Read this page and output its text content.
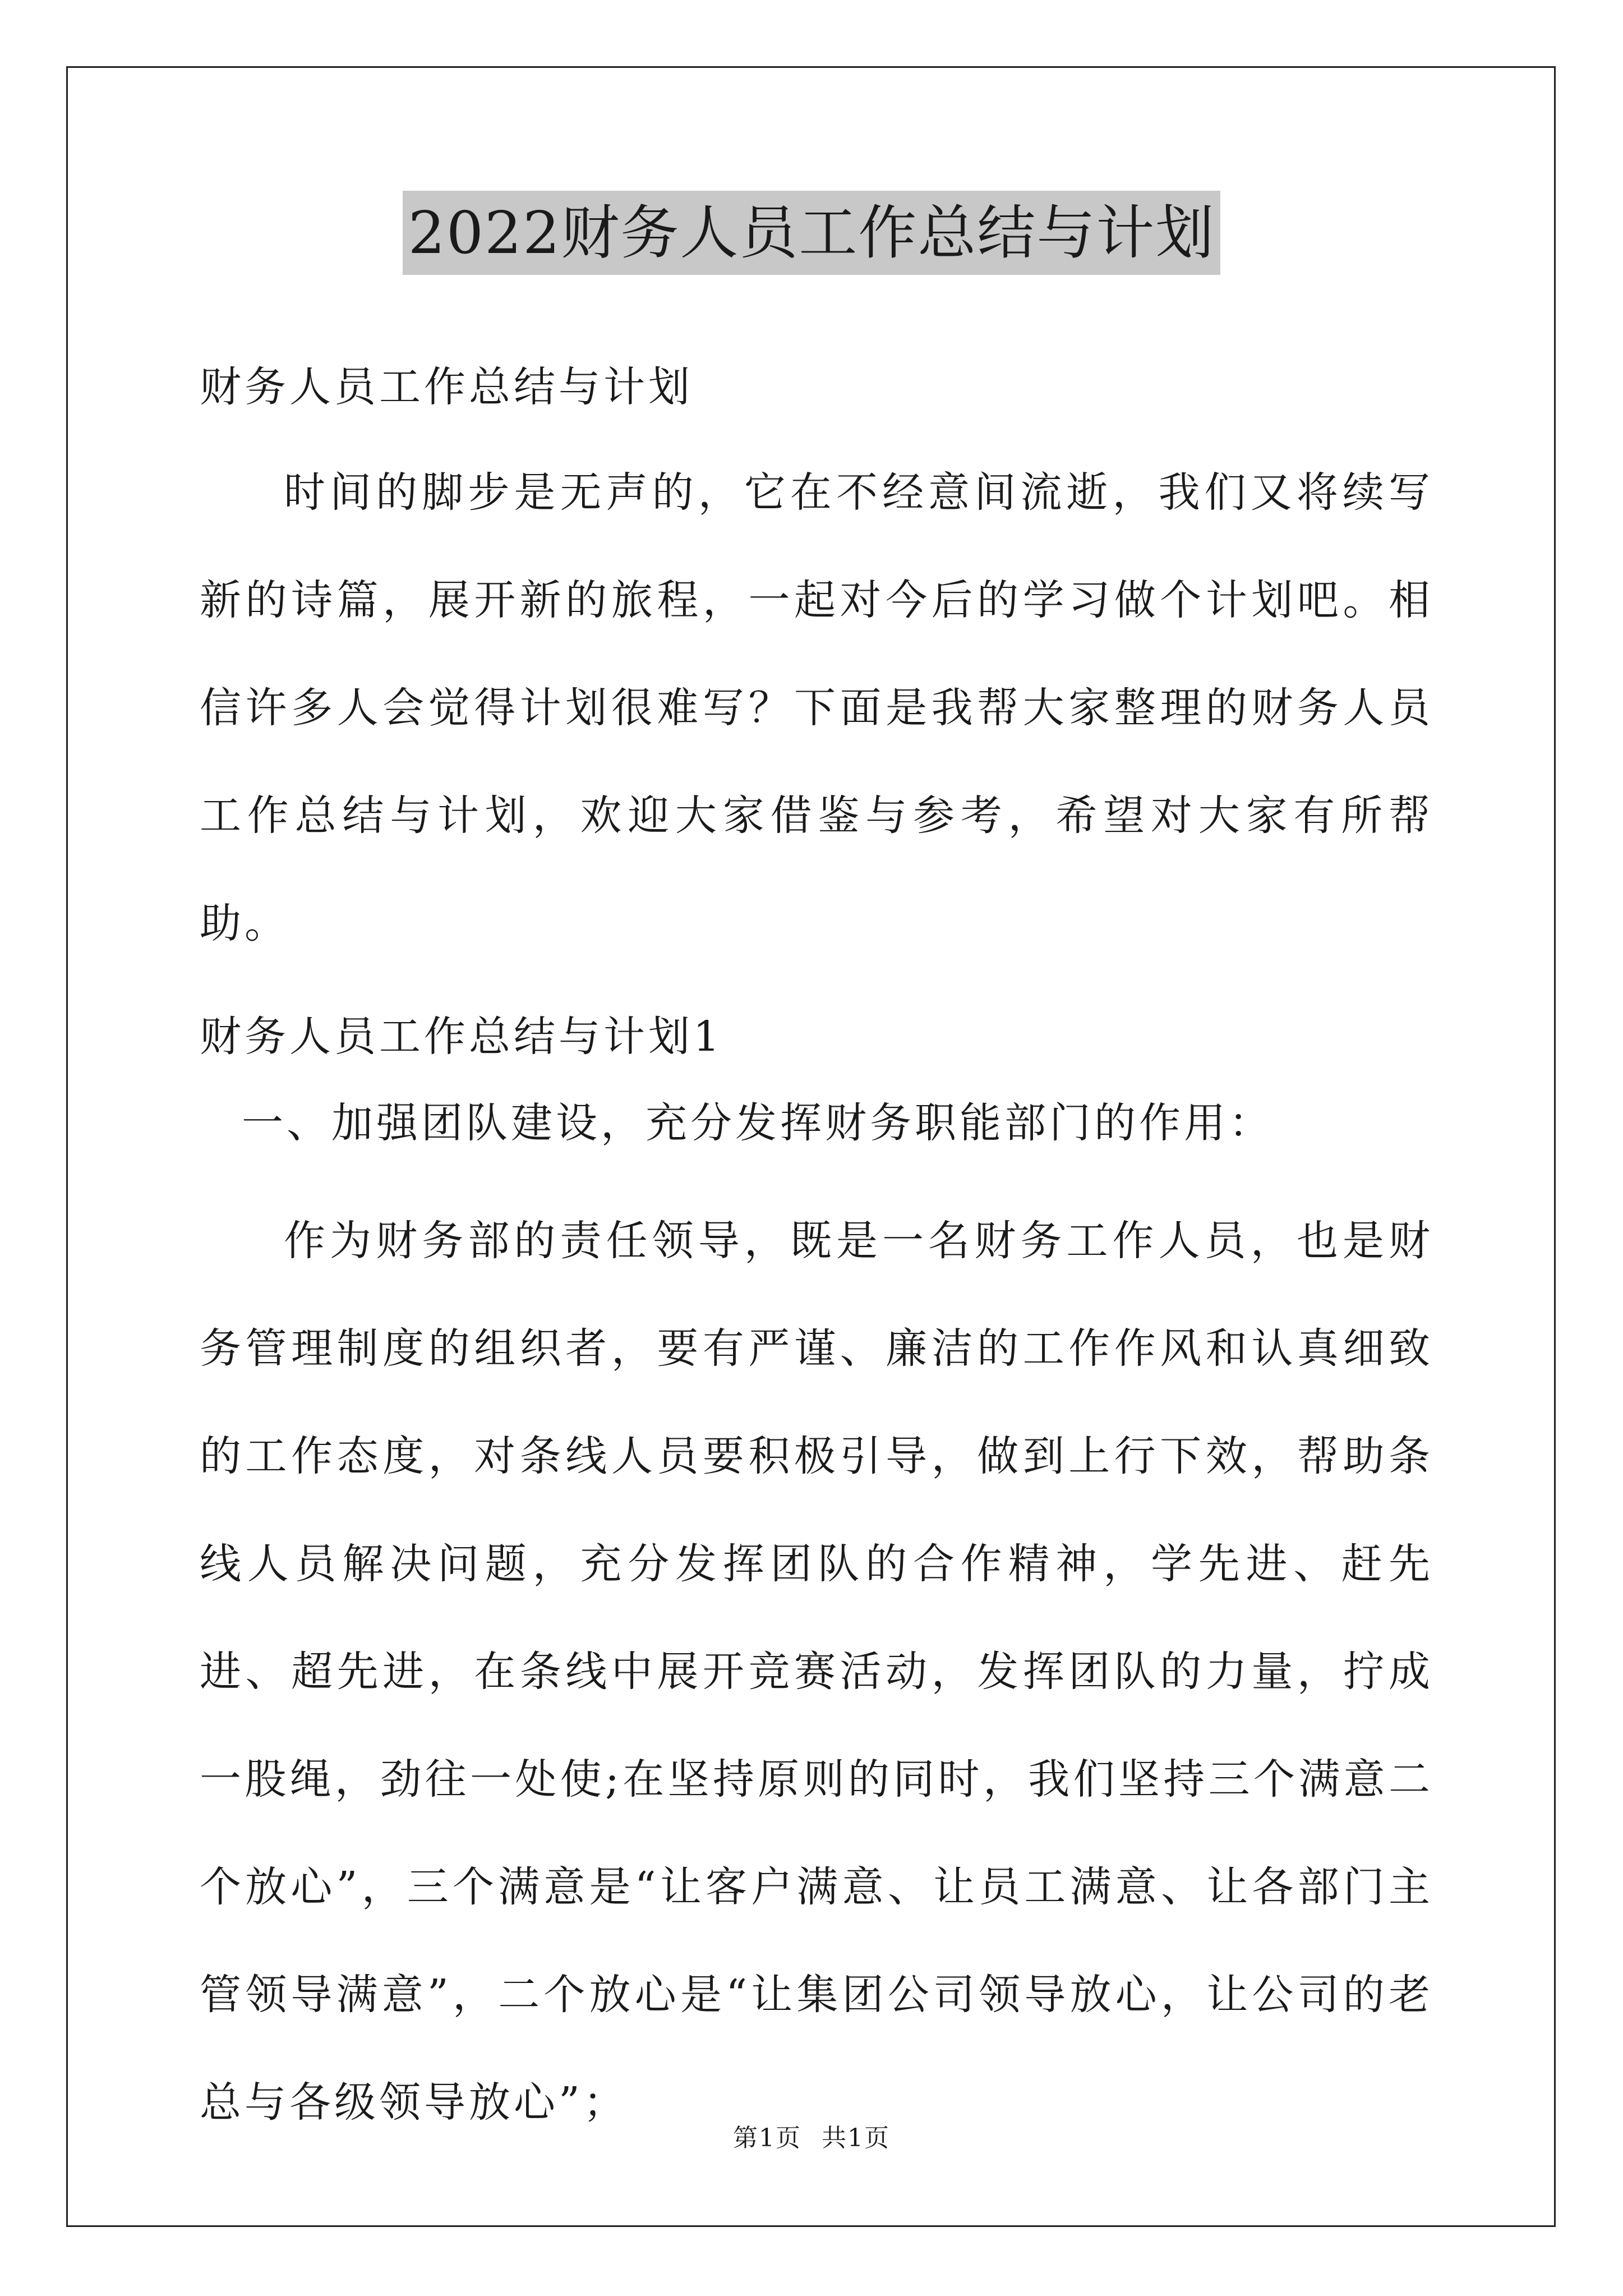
2022财务人员工作总结与计划
财务人员工作总结与计划
时间的脚步是无声的，它在不经意间流逝，我们又将续写新的诗篇，展开新的旅程，一起对今后的学习做个计划吧。相信许多人会觉得计划很难写？下面是我帮大家整理的财务人员工作总结与计划，欢迎大家借鉴与参考，希望对大家有所帮助。
财务人员工作总结与计划1
一、加强团队建设，充分发挥财务职能部门的作用：
作为财务部的责任领导，既是一名财务工作人员，也是财务管理制度的组织者，要有严谨、廉洁的工作作风和认真细致的工作态度，对条线人员要积极引导，做到上行下效，帮助条线人员解决问题，充分发挥团队的合作精神，学先进、赶先进、超先进，在条线中展开竞赛活动，发挥团队的力量，拧成一股绳，劲往一处使;在坚持原则的同时，我们坚持三个满意二个放心”，三个满意是“让客户满意、让员工满意、让各部门主管领导满意”，二个放心是“让集团公司领导放心，让公司的老总与各级领导放心”；
第1页 共1页
